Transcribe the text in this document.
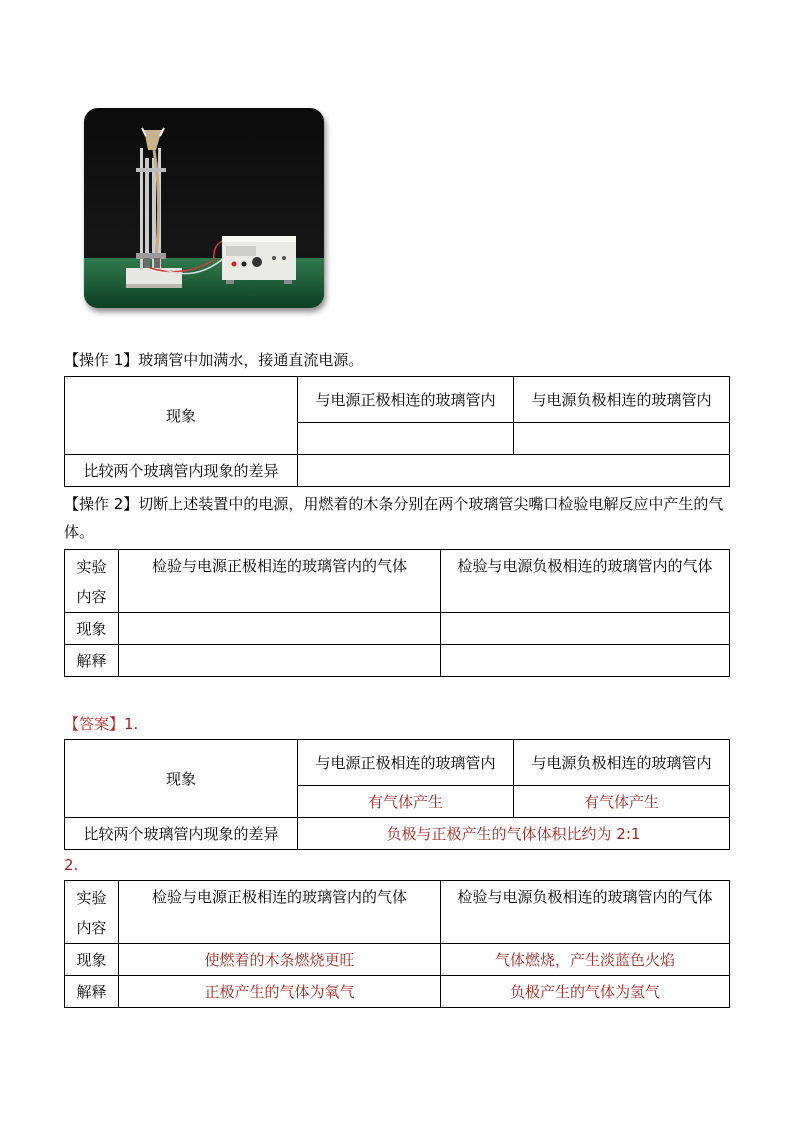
【操作 1】玻璃管中加满水，接通直流电源。
现象	与电源正极相连的玻璃管内	与电源负极相连的玻璃管内

比较两个玻璃管内现象的差异		
【操作 2】切断上述装置中的电源，用燃着的木条分别在两个玻璃管尖嘴口检验电解反应中产生的气体。
实验
内容	检验与电源正极相连的玻璃管内的气体	检验与电源负极相连的玻璃管内的气体
现象		
解释		
【答案】1.
现象	与电源正极相连的玻璃管内	与电源负极相连的玻璃管内
	有气体产生	有气体产生
比较两个玻璃管内现象的差异	负极与正极产生的气体体积比约为 2:1	
2.
实验
内容	检验与电源正极相连的玻璃管内的气体	检验与电源负极相连的玻璃管内的气体
现象	使燃着的木条燃烧更旺	气体燃烧，产生淡蓝色火焰
解释	正极产生的气体为氧气	负极产生的气体为氢气
